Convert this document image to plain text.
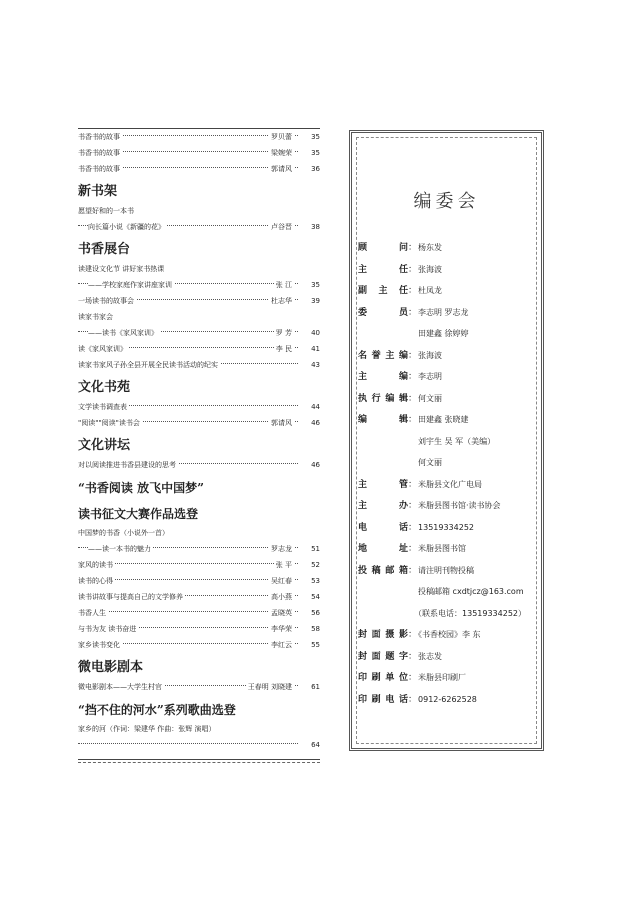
书香书的故事	罗贝蕾	35
书香书的故事	梁婉荣	35
书香书的故事	郭请风	36
新书架
愿望好和的一本书
向长篇小说《新疆的花》	卢谷晋	38
书香展台
读建设文化节 讲好家书热课
——学校家庭作家讲座家训	张 江	35
一场读书的故事会	杜志华	39
读家书家会
——读书《家风家训》	罗 芳	40
读《家风家训》	李 民	41
读家书家风子孙全县开展全民读书活动的纪实	43
文化书苑
文学读书调查表	44
"阅读""阅读"读书会	郭请风	46
文化讲坛
对以阅读推进书香县建设的思考	46
“书香阅读 放飞中国梦”
读书征文大赛作品选登
中国梦的书香（小说外一首）
——读一本书的魅力	罗志龙	51
家风的读书	张 平	52
读书的心得	吴红春	53
读书讲故事与提高自己的文学修养	高小燕	54
书香人生	孟晓英	56
与书为友 读书奋进	李华荣	58
家乡读书变化	李红云	55
微电影剧本
微电影剧本——大学生村官	王春明 刘晓建	61
“挡不住的河水”系列歌曲选登
家乡的河（作词：梁建华 作曲：张辉 演唱）
64
编委会
顾问：杨东发
主任：张海波
副主任：杜凤龙
委员：李志明 罗志龙
　田建鑫 徐婷婷
名誉主编：张海波
主编：李志明
执行编辑：何文丽
编辑：田建鑫 张晓建
　刘宇生 吴 军（美编）
　何文丽
主管：米脂县文化广电局
主办：米脂县图书馆·读书协会
电话：13519334252
地址：米脂县图书馆
投稿邮箱：请注明刊物投稿
　投稿邮箱 cxdtjcz@163.com
　（联系电话：13519334252）
封面摄影：《书香校园》李 东
封面题字：张志发
印刷单位：米脂县印刷厂
印刷电话：0912-6262528
